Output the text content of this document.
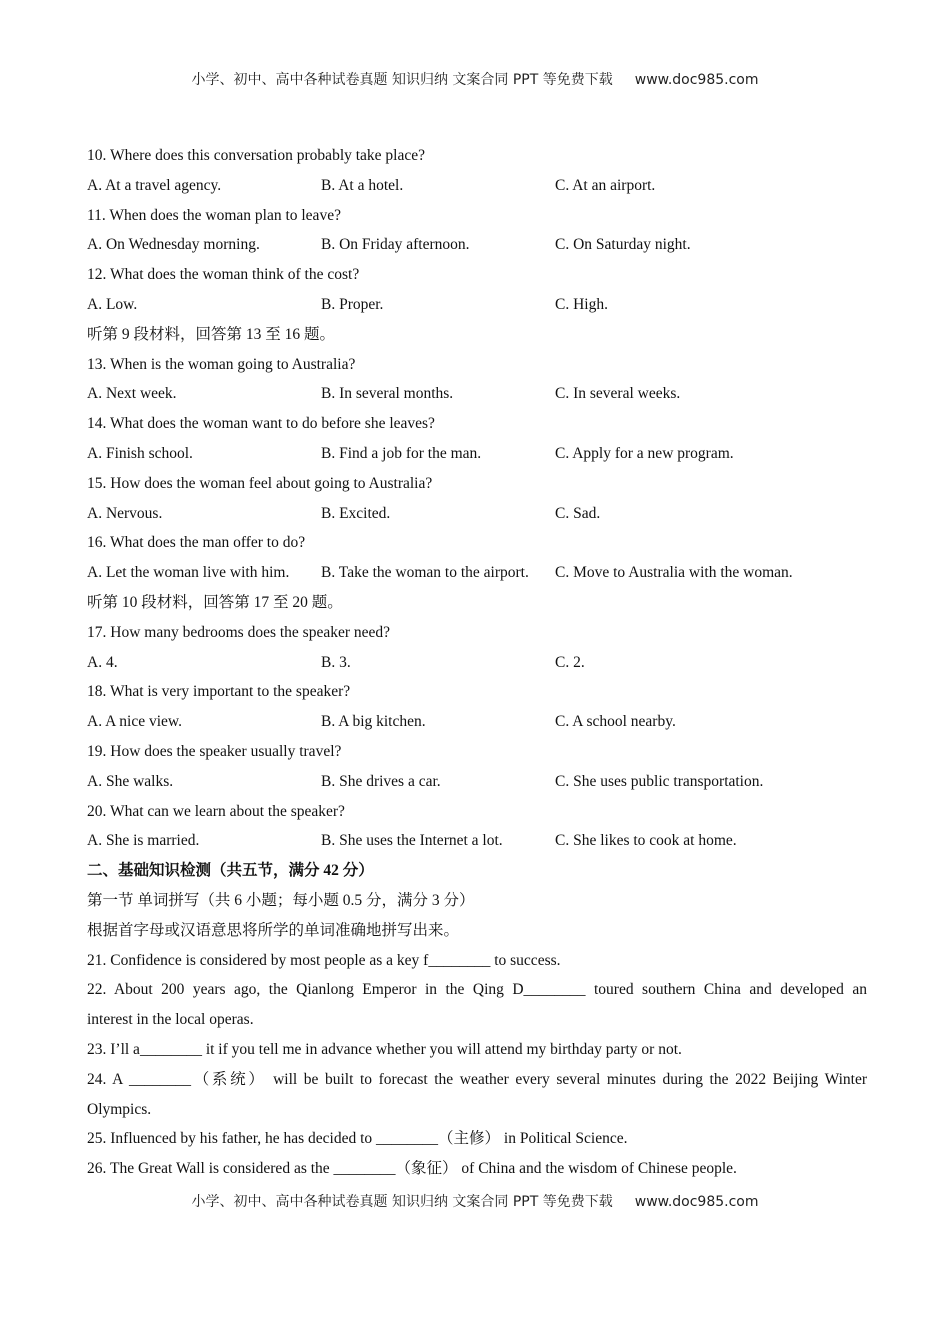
小学、初中、高中各种试卷真题 知识归纳 文案合同 PPT 等免费下载 www.doc985.com
10. Where does this conversation probably take place?
A. At a travel agency.	B. At a hotel.	C. At an airport.
11. When does the woman plan to leave?
A. On Wednesday morning.	B. On Friday afternoon.	C. On Saturday night.
12. What does the woman think of the cost?
A. Low.	B. Proper.	C. High.
听第 9 段材料，回答第 13 至 16 题。
13. When is the woman going to Australia?
A. Next week.	B. In several months.	C. In several weeks.
14. What does the woman want to do before she leaves?
A. Finish school.	B. Find a job for the man.	C. Apply for a new program.
15. How does the woman feel about going to Australia?
A. Nervous.	B. Excited.	C. Sad.
16. What does the man offer to do?
A. Let the woman live with him. B. Take the woman to the airport. C. Move to Australia with the woman.
听第 10 段材料，回答第 17 至 20 题。
17. How many bedrooms does the speaker need?
A. 4.	B. 3.	C. 2.
18. What is very important to the speaker?
A. A nice view.	B. A big kitchen.	C. A school nearby.
19. How does the speaker usually travel?
A. She walks.	B. She drives a car.	C. She uses public transportation.
20. What can we learn about the speaker?
A. She is married.	B. She uses the Internet a lot.	C. She likes to cook at home.
二、基础知识检测（共五节，满分 42 分）
第一节 单词拼写（共 6 小题；每小题 0.5 分，满分 3 分）
根据首字母或汉语意思将所学的单词准确地拼写出来。
21. Confidence is considered by most people as a key f________ to success.
22. About 200 years ago, the Qianlong Emperor in the Qing D________ toured southern China and developed an
interest in the local operas.
23. I’ll a________ it if you tell me in advance whether you will attend my birthday party or not.
24. A ________（系统） will be built to forecast the weather every several minutes during the 2022 Beijing Winter
Olympics.
25. Influenced by his father, he has decided to ________（主修） in Political Science.
26. The Great Wall is considered as the ________（象征） of China and the wisdom of Chinese people.
小学、初中、高中各种试卷真题 知识归纳 文案合同 PPT 等免费下载 www.doc985.com
